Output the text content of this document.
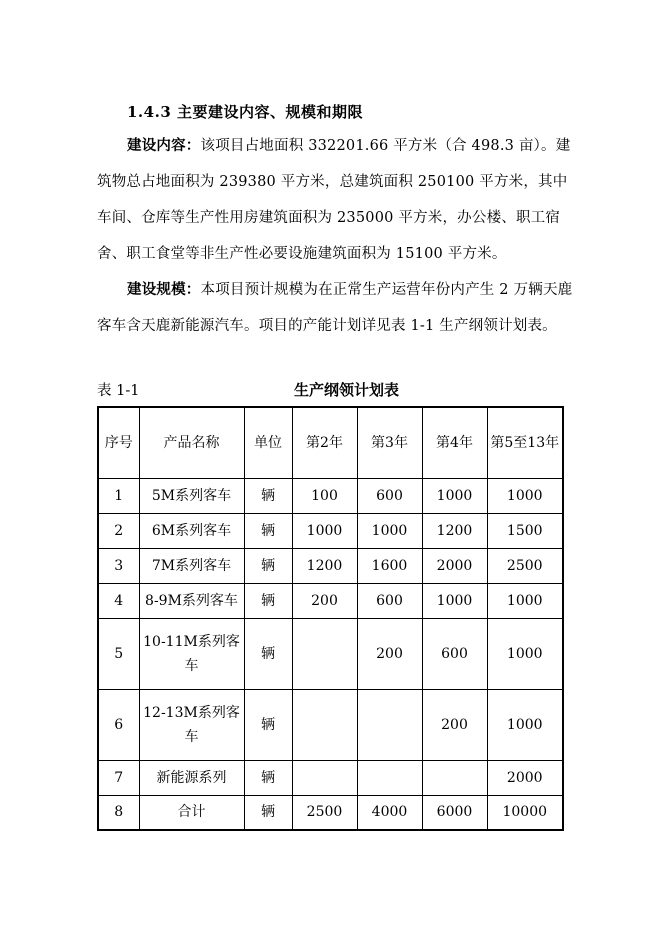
1.4.3 主要建设内容、规模和期限
建设内容：该项目占地面积 332201.66 平方米（合 498.3 亩）。建筑物总占地面积为 239380 平方米，总建筑面积 250100 平方米，其中车间、仓库等生产性用房建筑面积为 235000 平方米，办公楼、职工宿舍、职工食堂等非生产性必要设施建筑面积为 15100 平方米。
建设规模：本项目预计规模为在正常生产运营年份内产生 2 万辆天鹿客车含天鹿新能源汽车。项目的产能计划详见表 1-1 生产纲领计划表。
表 1-1	生产纲领计划表
序号	产品名称	单位	第2年	第3年	第4年	第5至13年
1	5M系列客车	辆	100	600	1000	1000
2	6M系列客车	辆	1000	1000	1200	1500
3	7M系列客车	辆	1200	1600	2000	2500
4	8-9M系列客车	辆	200	600	1000	1000
5	10-11M系列客车	辆		200	600	1000
6	12-13M系列客车	辆			200	1000
7	新能源系列	辆				2000
8	合计	辆	2500	4000	6000	10000
